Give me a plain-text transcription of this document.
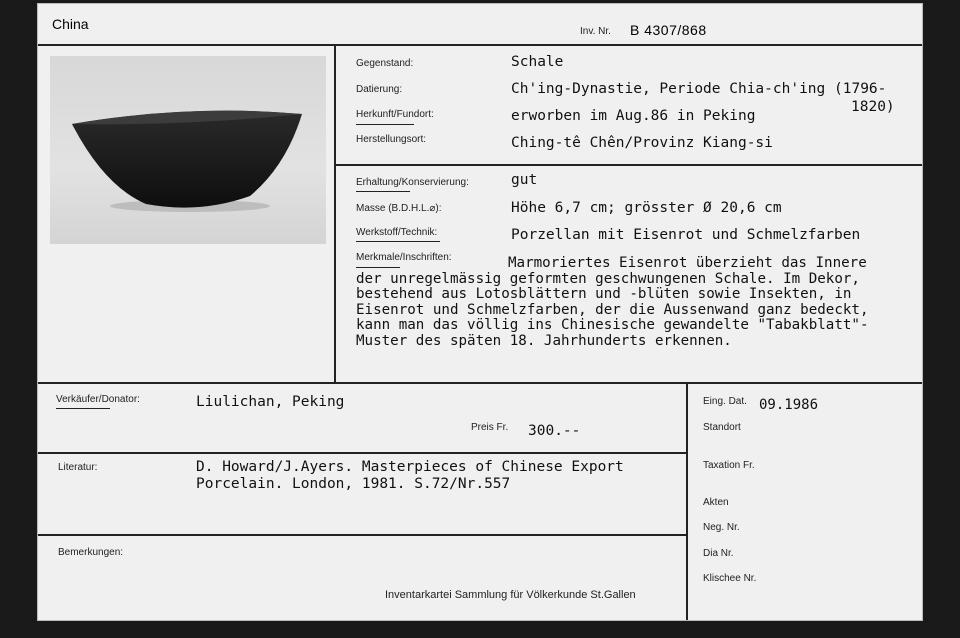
China	Inv. Nr. B 4307/868
Gegenstand:	Schale
Datierung:	Ch'ing-Dynastie, Periode Chia-ch'ing (1796-
1820)
Herkunft/Fundort:	erworben im Aug.86 in Peking
Herstellungsort:	Ching-tê Chên/Provinz Kiang-si
Erhaltung/Konservierung:	gut
Masse (B.D.H.L.⌀):	Höhe 6,7 cm; grösster Ø 20,6 cm
Werkstoff/Technik:	Porzellan mit Eisenrot und Schmelzfarben
Merkmale/Inschriften:	Marmoriertes Eisenrot überzieht das Innere
der unregelmässig geformten geschwungenen Schale. Im Dekor,
bestehend aus Lotosblättern und -blüten sowie Insekten, in
Eisenrot und Schmelzfarben, der die Aussenwand ganz bedeckt,
kann man das völlig ins Chinesische gewandelte "Tabakblatt"-
Muster des späten 18. Jahrhunderts erkennen.
Verkäufer/Donator:	Liulichan, Peking
Preis Fr. 300.--
Literatur:	D. Howard/J.Ayers. Masterpieces of Chinese Export
Porcelain. London, 1981. S.72/Nr.557
Bemerkungen:
Inventarkartei Sammlung für Völkerkunde St.Gallen
Eing. Dat. 09.1986
Standort
Taxation Fr.
Akten
Neg. Nr.
Dia Nr.
Klischee Nr.
